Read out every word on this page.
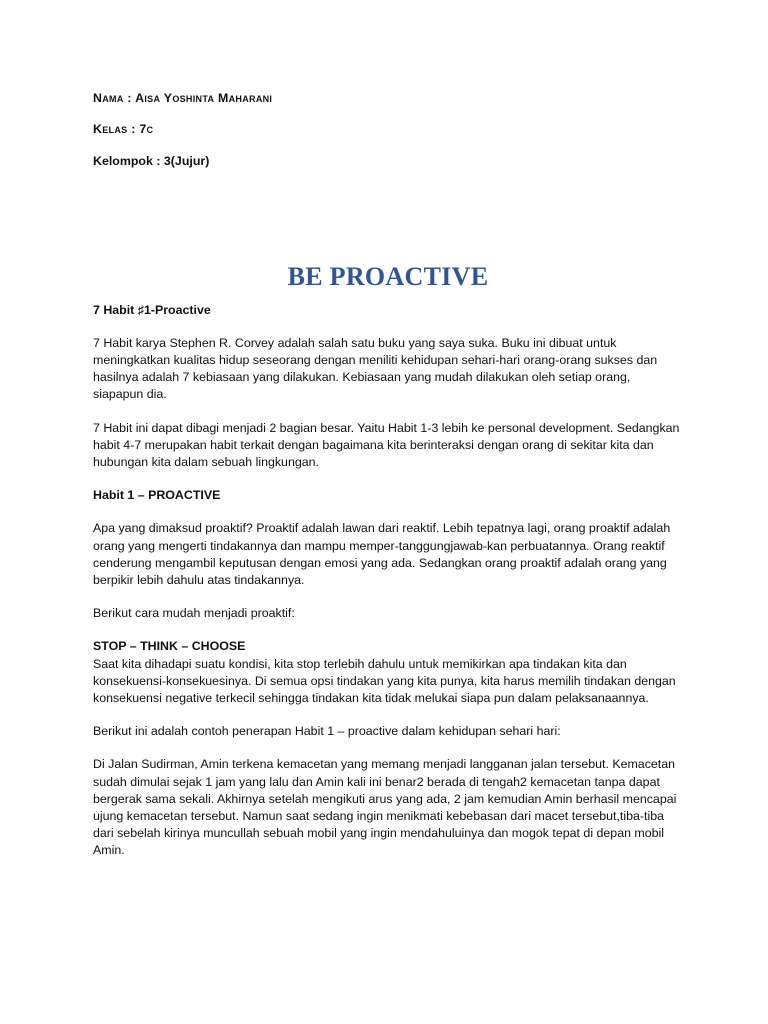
Nama : Aisa Yoshinta Maharani

Kelas : 7c

Kelompok : 3(Jujur)

BE PROACTIVE

7 Habit ♯1-Proactive

7 Habit karya Stephen R. Corvey adalah salah satu buku yang saya suka. Buku ini dibuat untuk meningkatkan kualitas hidup seseorang dengan meniliti kehidupan sehari-hari orang-orang sukses dan hasilnya adalah 7 kebiasaan yang dilakukan. Kebiasaan yang mudah dilakukan oleh setiap orang, siapapun dia.

7 Habit ini dapat dibagi menjadi 2 bagian besar. Yaitu Habit 1-3 lebih ke personal development. Sedangkan habit 4-7 merupakan habit terkait dengan bagaimana kita berinteraksi dengan orang di sekitar kita dan hubungan kita dalam sebuah lingkungan.

Habit 1 – PROACTIVE

Apa yang dimaksud proaktif? Proaktif adalah lawan dari reaktif. Lebih tepatnya lagi, orang proaktif adalah orang yang mengerti tindakannya dan mampu memper-tanggungjawab-kan perbuatannya. Orang reaktif cenderung mengambil keputusan dengan emosi yang ada. Sedangkan orang proaktif adalah orang yang berpikir lebih dahulu atas tindakannya.

Berikut cara mudah menjadi proaktif:

STOP – THINK – CHOOSE

Saat kita dihadapi suatu kondisi, kita stop terlebih dahulu untuk memikirkan apa tindakan kita dan konsekuensi-konsekuesinya. Di semua opsi tindakan yang kita punya, kita harus memilih tindakan dengan konsekuensi negative terkecil sehingga tindakan kita tidak melukai siapa pun dalam pelaksanaannya.

Berikut ini adalah contoh penerapan Habit 1 – proactive dalam kehidupan sehari hari:

Di Jalan Sudirman, Amin terkena kemacetan yang memang menjadi langganan jalan tersebut. Kemacetan sudah dimulai sejak 1 jam yang lalu dan Amin kali ini benar2 berada di tengah2 kemacetan tanpa dapat bergerak sama sekali. Akhirnya setelah mengikuti arus yang ada, 2 jam kemudian Amin berhasil mencapai ujung kemacetan tersebut. Namun saat sedang ingin menikmati kebebasan dari macet tersebut,tiba-tiba dari sebelah kirinya muncullah sebuah mobil yang ingin mendahuluinya dan mogok tepat di depan mobil Amin.
